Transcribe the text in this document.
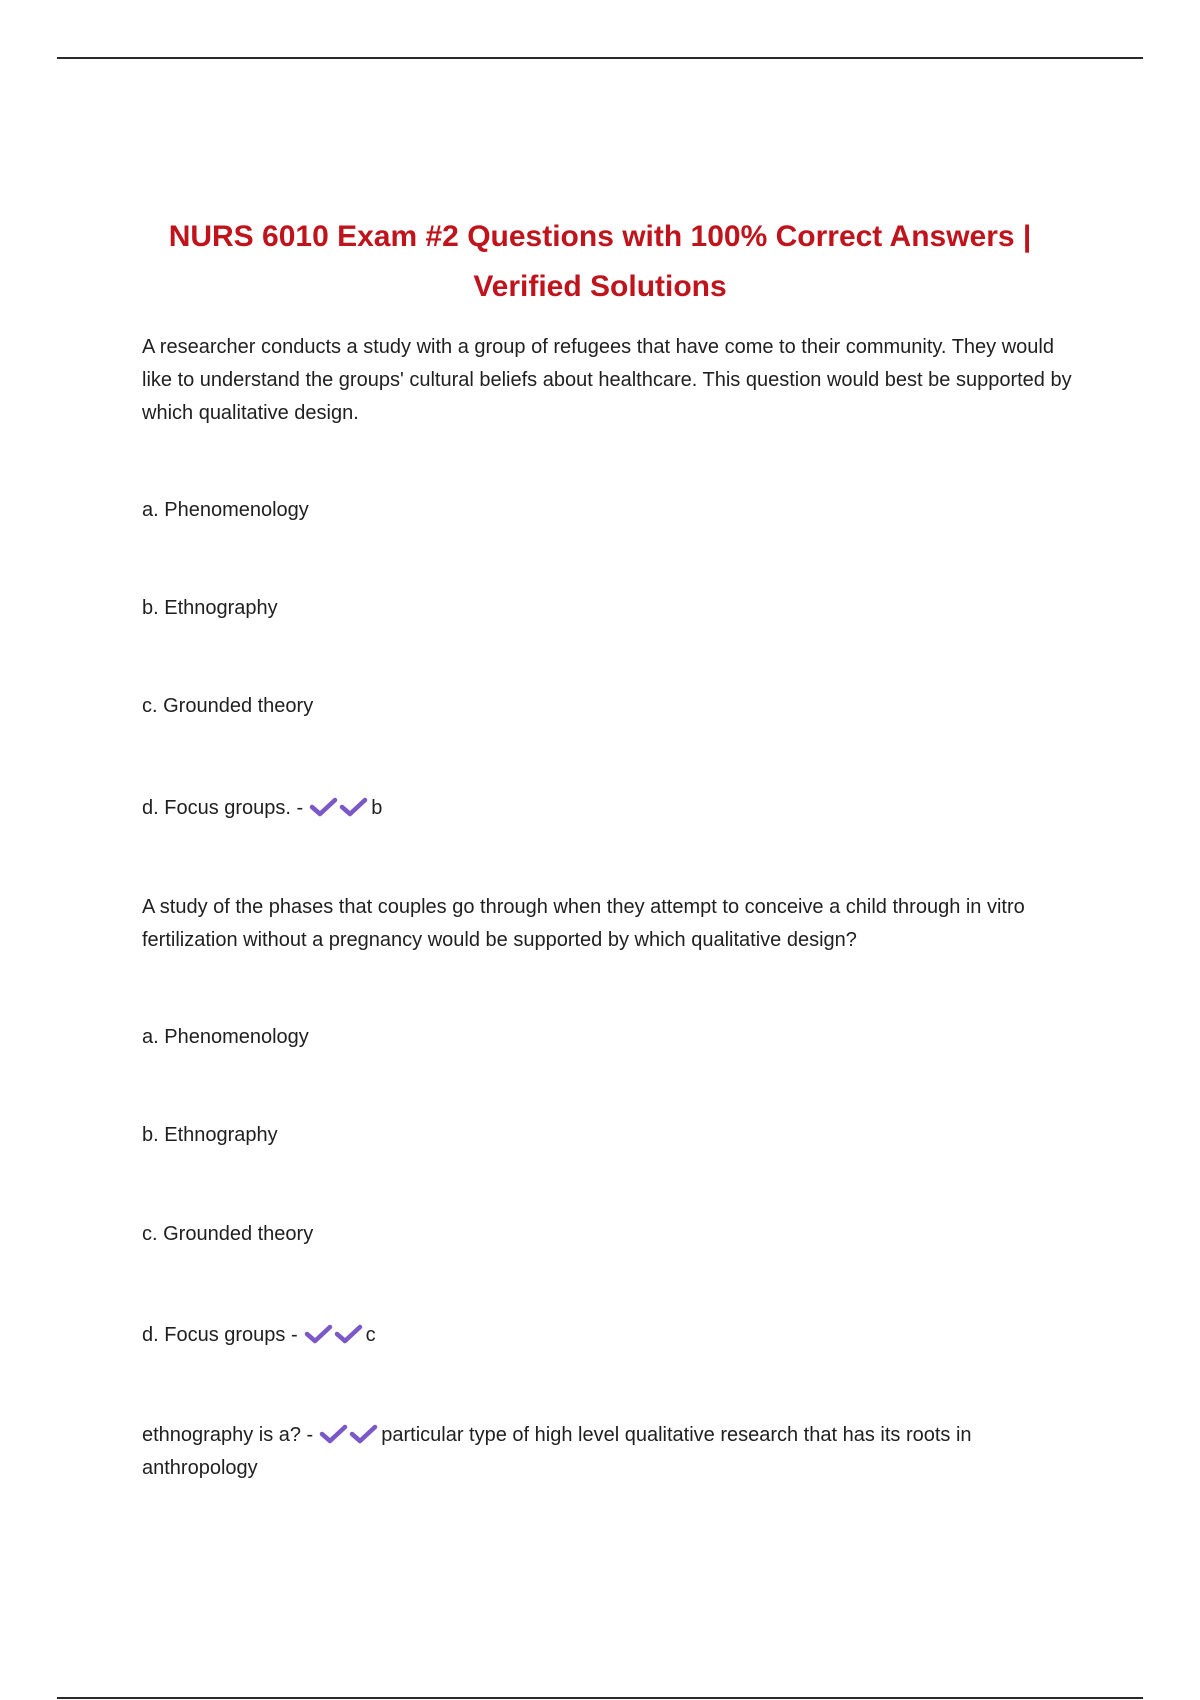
NURS 6010 Exam #2 Questions with 100% Correct Answers | Verified Solutions
A researcher conducts a study with a group of refugees that have come to their community. They would like to understand the groups' cultural beliefs about healthcare. This question would best be supported by which qualitative design.
a. Phenomenology
b. Ethnography
c. Grounded theory
d. Focus groups. -	b
A study of the phases that couples go through when they attempt to conceive a child through in vitro fertilization without a pregnancy would be supported by which qualitative design?
a. Phenomenology
b. Ethnography
c. Grounded theory
d. Focus groups -	c
ethnography is a? -	particular type of high level qualitative research that has its roots in anthropology
